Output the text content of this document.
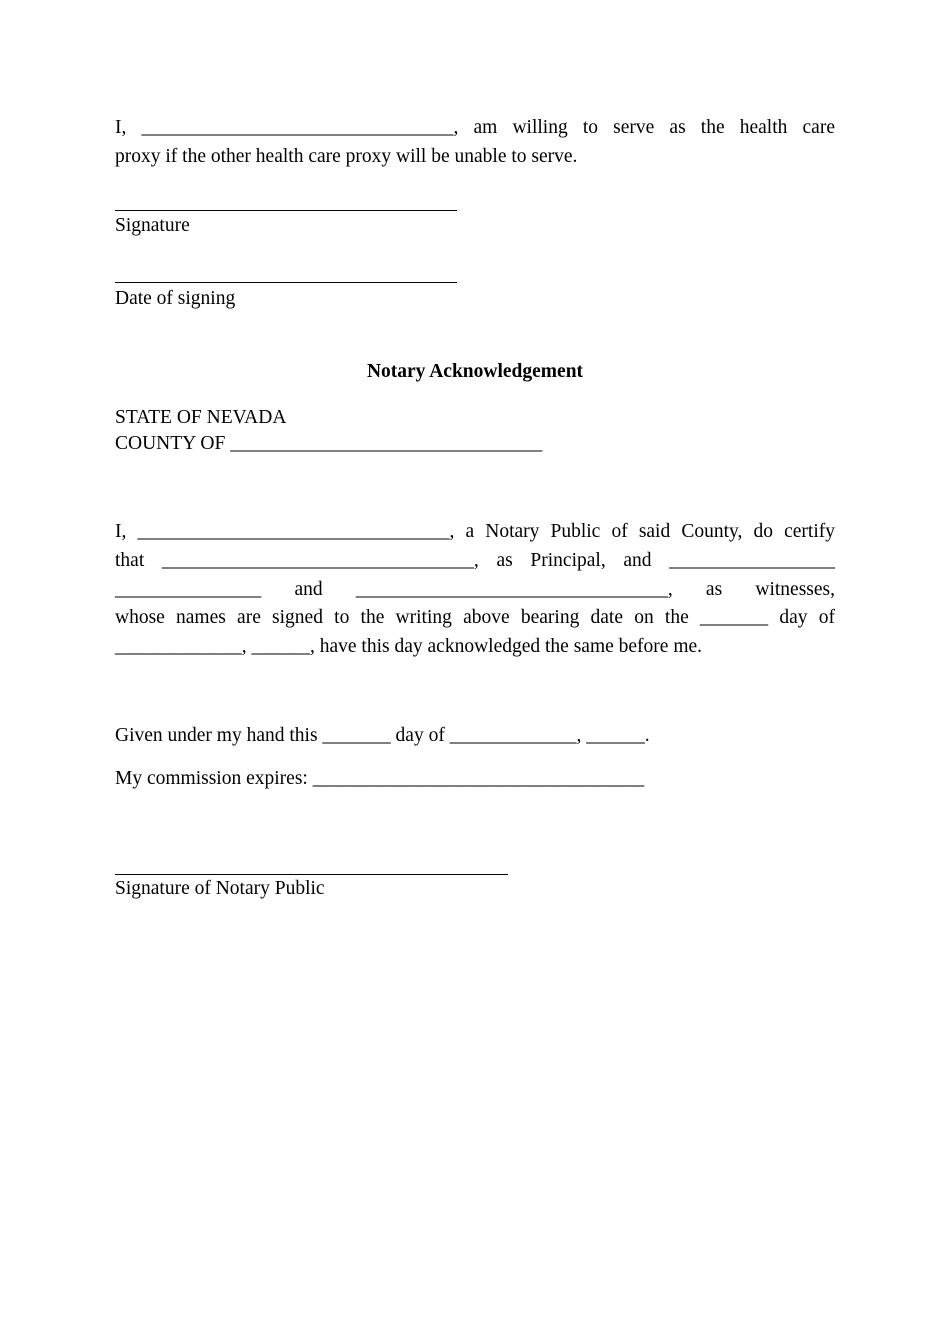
I, ________________________________, am willing to serve as the health care
proxy if the other health care proxy will be unable to serve.
Signature
Date of signing
Notary Acknowledgement
STATE OF NEVADA
COUNTY OF ________________________________
I, ________________________________, a Notary Public of said County, do certify
that ________________________________, as Principal, and _________________
_______________ and ________________________________, as witnesses,
whose names are signed to the writing above bearing date on the _______ day of
_____________, ______, have this day acknowledged the same before me.
Given under my hand this _______ day of _____________, ______.
My commission expires: __________________________________
Signature of Notary Public
